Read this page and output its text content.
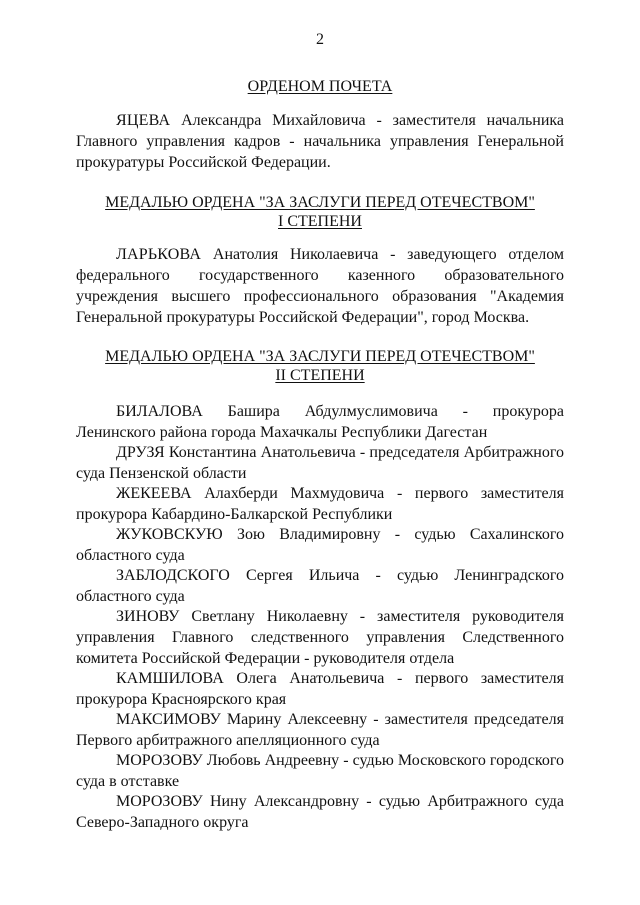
2
ОРДЕНОМ ПОЧЕТА

ЯЦЕВА Александра Михайловича - заместителя начальника Главного управления кадров - начальника управления Генеральной прокуратуры Российской Федерации.

МЕДАЛЬЮ ОРДЕНА "ЗА ЗАСЛУГИ ПЕРЕД ОТЕЧЕСТВОМ"
I СТЕПЕНИ

ЛАРЬКОВА Анатолия Николаевича - заведующего отделом федерального государственного казенного образовательного учреждения высшего профессионального образования "Академия Генеральной прокуратуры Российской Федерации", город Москва.

МЕДАЛЬЮ ОРДЕНА "ЗА ЗАСЛУГИ ПЕРЕД ОТЕЧЕСТВОМ"
II СТЕПЕНИ
БИЛАЛОВА Башира Абдулмуслимовича - прокурора Ленинского района города Махачкалы Республики Дагестан
ДРУЗЯ Константина Анатольевича - председателя Арбитражного суда Пензенской области
ЖЕКЕЕВА Алахберди Махмудовича - первого заместителя прокурора Кабардино-Балкарской Республики
ЖУКОВСКУЮ Зою Владимировну - судью Сахалинского областного суда
ЗАБЛОДСКОГО Сергея Ильича - судью Ленинградского областного суда
ЗИНОВУ Светлану Николаевну - заместителя руководителя управления Главного следственного управления Следственного комитета Российской Федерации - руководителя отдела
КАМШИЛОВА Олега Анатольевича - первого заместителя прокурора Красноярского края
МАКСИМОВУ Марину Алексеевну - заместителя председателя Первого арбитражного апелляционного суда
МОРОЗОВУ Любовь Андреевну - судью Московского городского суда в отставке
МОРОЗОВУ Нину Александровну - судью Арбитражного суда Северо-Западного округа
